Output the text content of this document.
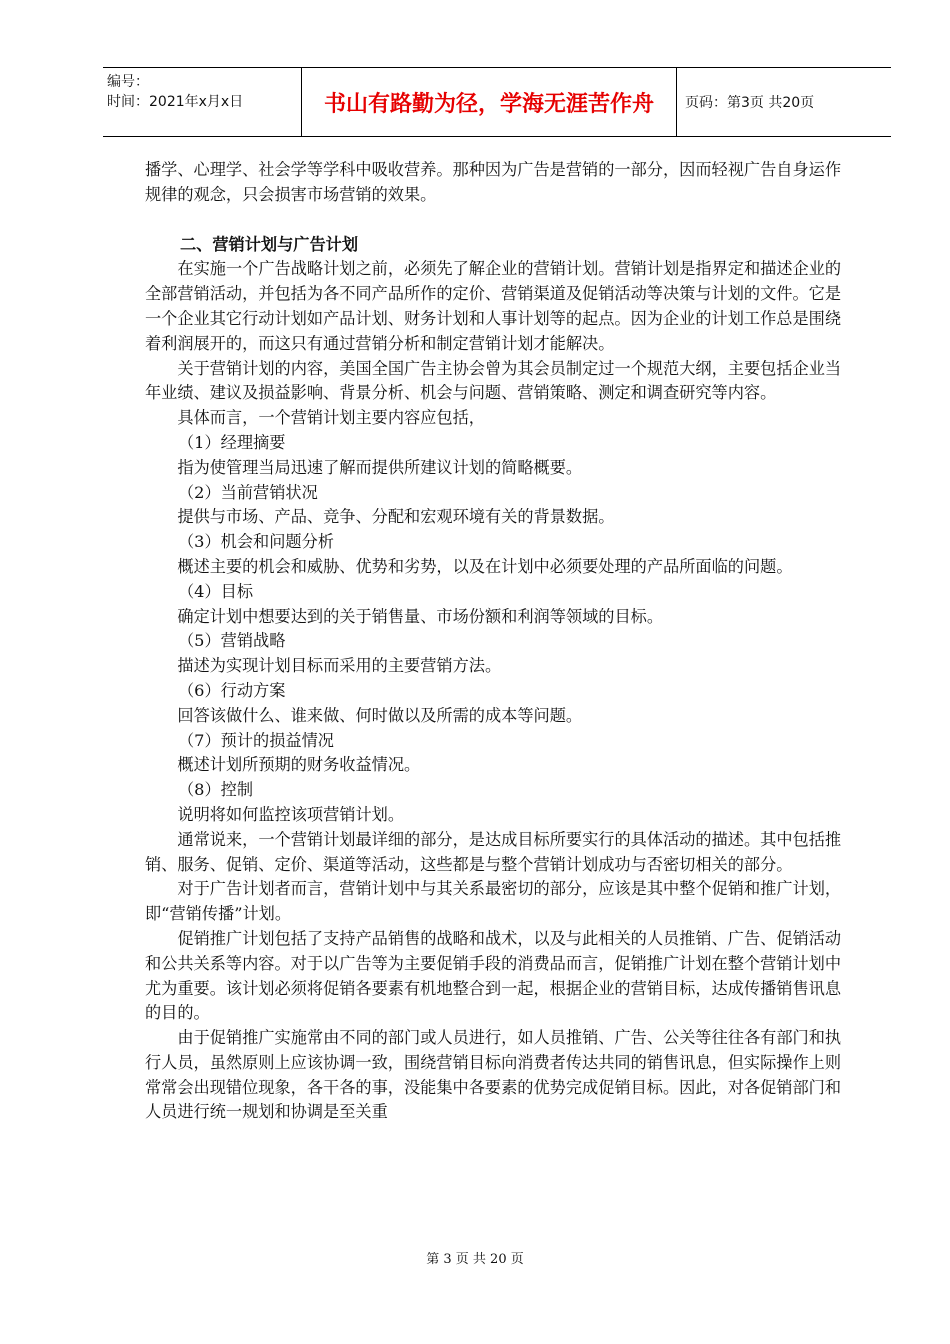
编号：
时间：2021年x月x日	书山有路勤为径，学海无涯苦作舟	页码：第3页 共20页

播学、心理学、社会学等学科中吸收营养。那种因为广告是营销的一部分，因而轻视广告自身运作规律的观念，只会损害市场营销的效果。

二、营销计划与广告计划

在实施一个广告战略计划之前，必须先了解企业的营销计划。营销计划是指界定和描述企业的全部营销活动，并包括为各不同产品所作的定价、营销渠道及促销活动等决策与计划的文件。它是一个企业其它行动计划如产品计划、财务计划和人事计划等的起点。因为企业的计划工作总是围绕着利润展开的，而这只有通过营销分析和制定营销计划才能解决。

关于营销计划的内容，美国全国广告主协会曾为其会员制定过一个规范大纲，主要包括企业当年业绩、建议及损益影响、背景分析、机会与问题、营销策略、测定和调查研究等内容。

具体而言，一个营销计划主要内容应包括，

（1）经理摘要

指为使管理当局迅速了解而提供所建议计划的简略概要。

（2）当前营销状况

提供与市场、产品、竞争、分配和宏观环境有关的背景数据。

（3）机会和问题分析

概述主要的机会和威胁、优势和劣势，以及在计划中必须要处理的产品所面临的问题。

（4）目标

确定计划中想要达到的关于销售量、市场份额和利润等领域的目标。

（5）营销战略

描述为实现计划目标而采用的主要营销方法。

（6）行动方案

回答该做什么、谁来做、何时做以及所需的成本等问题。

（7）预计的损益情况

概述计划所预期的财务收益情况。

（8）控制

说明将如何监控该项营销计划。

通常说来，一个营销计划最详细的部分，是达成目标所要实行的具体活动的描述。其中包括推销、服务、促销、定价、渠道等活动，这些都是与整个营销计划成功与否密切相关的部分。

对于广告计划者而言，营销计划中与其关系最密切的部分，应该是其中整个促销和推广计划，即“营销传播”计划。

促销推广计划包括了支持产品销售的战略和战术，以及与此相关的人员推销、广告、促销活动和公共关系等内容。对于以广告等为主要促销手段的消费品而言，促销推广计划在整个营销计划中尤为重要。该计划必须将促销各要素有机地整合到一起，根据企业的营销目标，达成传播销售讯息的目的。

由于促销推广实施常由不同的部门或人员进行，如人员推销、广告、公关等往往各有部门和执行人员，虽然原则上应该协调一致，围绕营销目标向消费者传达共同的销售讯息，但实际操作上则常常会出现错位现象，各干各的事，没能集中各要素的优势完成促销目标。因此，对各促销部门和人员进行统一规划和协调是至关重

第 3 页 共 20 页
